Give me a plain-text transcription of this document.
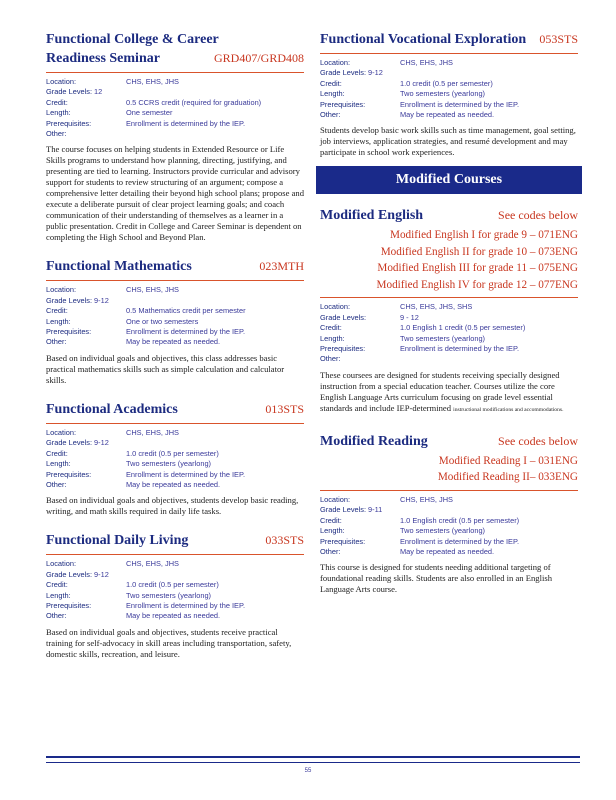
Functional College & Career
Readiness Seminar	GRD407/GRD408
Location:	CHS, EHS, JHS
Grade Levels: 12
Credit:	0.5 CCRS credit (required for graduation)
Length:	One semester
Prerequisites:	Enrollment is determined by the IEP.
Other:
The course focuses on helping students in Extended Resource or Life Skills programs to understand how planning, directing, justifying, and presenting are tied to learning. Instructors provide curricular and advisory support for students to review structuring of an argument; compose a comprehensive letter detailing their beyond high school plans; propose and execute a deliberate pursuit of clear project learning goals; and coach communication of their understanding of themselves as a learner in a public presentation. Credit in College and Career Seminar is dependent on completing the High School and Beyond Plan.
Functional Mathematics	023MTH
Location:	CHS, EHS, JHS
Grade Levels: 9-12
Credit:	0.5 Mathematics credit per semester
Length:	One or two semesters
Prerequisites:	Enrollment is determined by the IEP.
Other:	May be repeated as needed.
Based on individual goals and objectives, this class addresses basic practical mathematics skills such as simple calculation and calculator skills.
Functional Academics	013STS
Location:	CHS, EHS, JHS
Grade Levels: 9-12
Credit:	1.0 credit (0.5 per semester)
Length:	Two semesters (yearlong)
Prerequisites:	Enrollment is determined by the IEP.
Other:	May be repeated as needed.
Based on individual goals and objectives, students develop basic reading, writing, and math skills required in daily life tasks.
Functional Daily Living	033STS
Location:	CHS, EHS, JHS
Grade Levels: 9-12
Credit:	1.0 credit (0.5 per semester)
Length:	Two semesters (yearlong)
Prerequisites:	Enrollment is determined by the IEP.
Other:	May be repeated as needed.
Based on individual goals and objectives, students receive practical training for self-advocacy in skill areas including transportation, safety, domestic skills, recreation, and leisure.
Functional Vocational Exploration 053STS
Location:	CHS, EHS, JHS
Grade Levels: 9-12
Credit:	1.0 credit (0.5 per semester)
Length:	Two semesters (yearlong)
Prerequisites:	Enrollment is determined by the IEP.
Other:	May be repeated as needed.
Students develop basic work skills such as time management, goal setting, job interviews, application strategies, and resumé development and may participate in school work experiences.
Modified Courses
Modified English	See codes below
Modified English I for grade 9 – 071ENG
Modified English II for grade 10 – 073ENG
Modified English III for grade 11 – 075ENG
Modified English IV for grade 12 – 077ENG
Location:	CHS, EHS, JHS, SHS
Grade Levels:	9 - 12
Credit:	1.0 English 1 credit (0.5 per semester)
Length:	Two semesters (yearlong)
Prerequisites:	Enrollment is determined by the IEP.
Other:
These coursees are designed for students receiving specially designed instruction from a special education teacher. Courses utilize the core English Language Arts curriculum focusing on grade level essential standards and include IEP-determined instructional modifications and accommodations.
Modified Reading	See codes below
Modified Reading I – 031ENG
Modified Reading II– 033ENG
Location:	CHS, EHS, JHS
Grade Levels: 9-11
Credit:	1.0 English credit (0.5 per semester)
Length:	Two semesters (yearlong)
Prerequisites:	Enrollment is determined by the IEP.
Other:	May be repeated as needed.
This course is designed for students needing additional targeting of foundational reading skills. Students are also enrolled in an English Language Arts course.
55
